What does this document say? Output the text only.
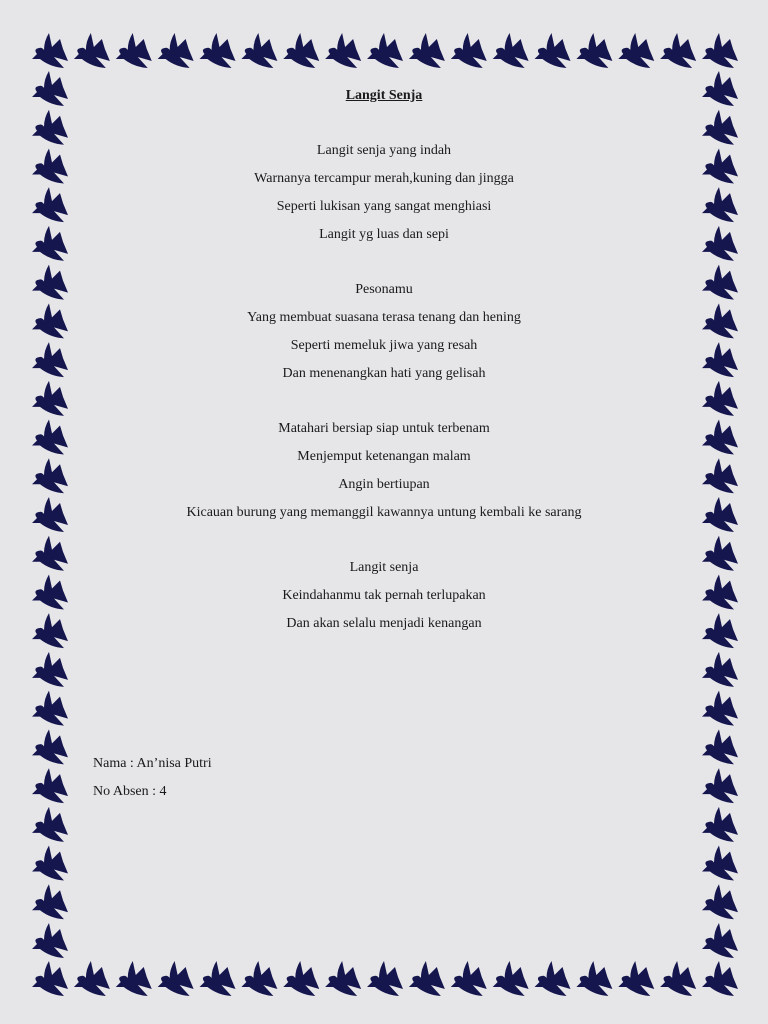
Langit Senja
Langit senja yang indah
Warnanya tercampur merah,kuning dan jingga
Seperti lukisan yang sangat menghiasi
Langit yg luas dan sepi
Pesonamu
Yang membuat suasana terasa tenang dan hening
Seperti memeluk jiwa yang resah
Dan menenangkan hati yang gelisah
Matahari bersiap siap untuk terbenam
Menjemput ketenangan malam
Angin bertiupan
Kicauan burung yang memanggil kawannya untung kembali ke sarang
Langit senja
Keindahanmu tak pernah terlupakan
Dan akan selalu menjadi kenangan
Nama : An’nisa Putri
No Absen : 4
